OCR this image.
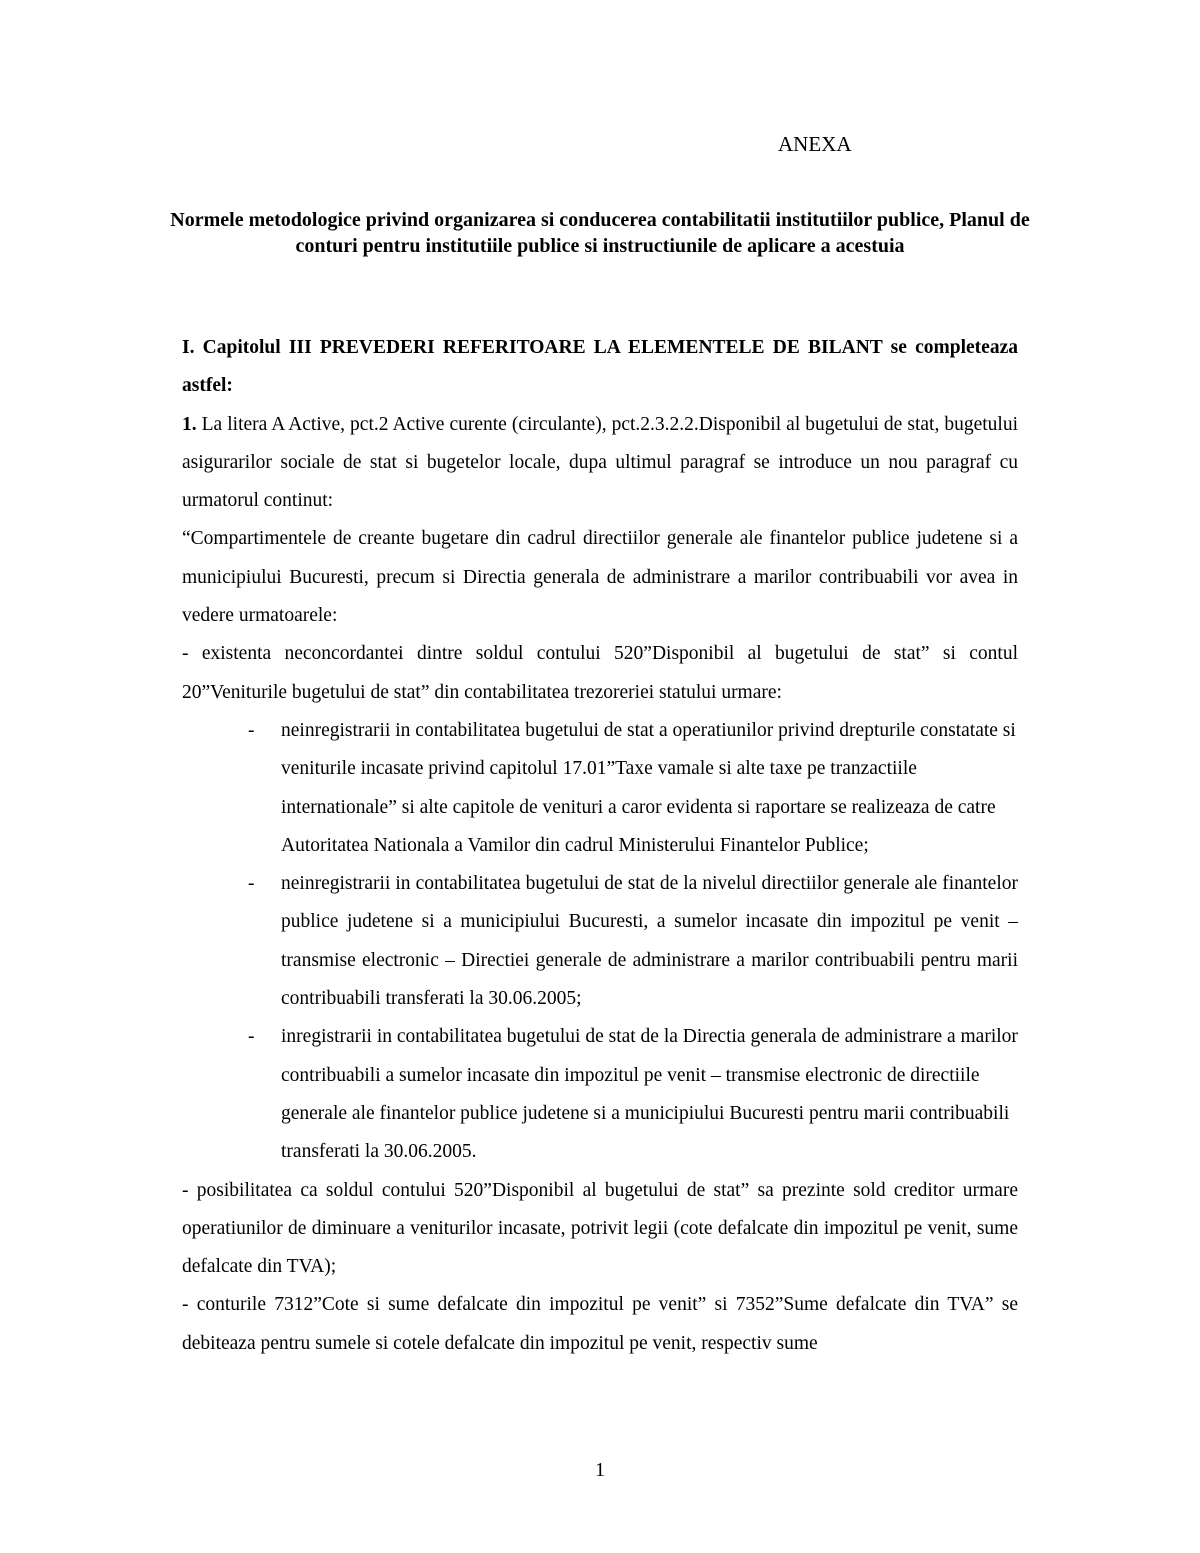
ANEXA
Normele metodologice privind organizarea si conducerea contabilitatii institutiilor publice, Planul de conturi pentru institutiile publice si instructiunile de aplicare a acestuia

I. Capitolul III PREVEDERI REFERITOARE LA ELEMENTELE DE BILANT se completeaza astfel:

1. La litera A Active, pct.2 Active curente (circulante), pct.2.3.2.2.Disponibil al bugetului de stat, bugetului asigurarilor sociale de stat si bugetelor locale, dupa ultimul paragraf se introduce un nou paragraf cu urmatorul continut:

“Compartimentele de creante bugetare din cadrul directiilor generale ale finantelor publice judetene si a municipiului Bucuresti, precum si Directia generala de administrare a marilor contribuabili vor avea in vedere urmatoarele:

- existenta neconcordantei dintre soldul contului 520”Disponibil al bugetului de stat” si contul 20”Veniturile bugetului de stat” din contabilitatea trezoreriei statului urmare:

- neinregistrarii in contabilitatea bugetului de stat a operatiunilor privind drepturile constatate si veniturile incasate privind capitolul 17.01”Taxe vamale si alte taxe pe tranzactiile internationale” si alte capitole de venituri a caror evidenta si raportare se realizeaza de catre Autoritatea Nationala a Vamilor din cadrul Ministerului Finantelor Publice;
- neinregistrarii in contabilitatea bugetului de stat de la nivelul directiilor generale ale finantelor publice judetene si a municipiului Bucuresti, a sumelor incasate din impozitul pe venit – transmise electronic – Directiei generale de administrare a marilor contribuabili pentru marii contribuabili transferati la 30.06.2005;
- inregistrarii in contabilitatea bugetului de stat de la Directia generala de administrare a marilor contribuabili a sumelor incasate din impozitul pe venit – transmise electronic de directiile generale ale finantelor publice judetene si a municipiului Bucuresti pentru marii contribuabili transferati la 30.06.2005.

- posibilitatea ca soldul contului 520”Disponibil al bugetului de stat” sa prezinte sold creditor urmare operatiunilor de diminuare a veniturilor incasate, potrivit legii (cote defalcate din impozitul pe venit, sume defalcate din TVA);

- conturile 7312”Cote si sume defalcate din impozitul pe venit” si 7352”Sume defalcate din TVA” se debiteaza pentru sumele si cotele defalcate din impozitul pe venit, respectiv sume

1
